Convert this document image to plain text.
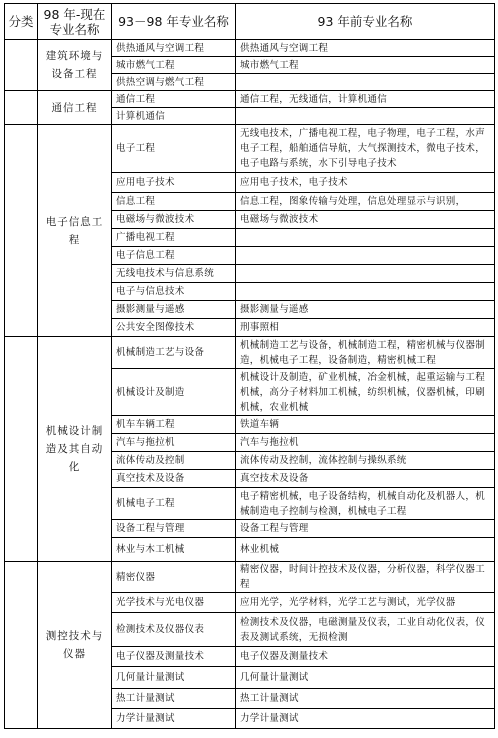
分类	98 年-现在专业名称	93－98 年专业名称	93 年前专业名称
	建筑环境与设备工程	供热通风与空调工程	供热通风与空调工程
		城市燃气工程	城市燃气工程
		供热空调与燃气工程	
	通信工程	通信工程	通信工程，无线通信，计算机通信
		计算机通信	
	电子信息工程	电子工程	无线电技术，广播电视工程，电子物理，电子工程，水声电子工程，船舶通信导航，大气探测技术，微电子技术，电子电路与系统，水下引导电子技术
		应用电子技术	应用电子技术，电子技术
		信息工程	信息工程，图象传输与处理，信息处理显示与识别，
		电磁场与微波技术	电磁场与微波技术
		广播电视工程	
		电子信息工程	
		无线电技术与信息系统	
		电子与信息技术	
		摄影测量与遥感	摄影测量与遥感
		公共安全图像技术	刑事照相
	机械设计制造及其自动化	机械制造工艺与设备	机械制造工艺与设备，机械制造工程，精密机械与仪器制造，机械电子工程，设备制造，精密机械工程
		机械设计及制造	机械设计及制造，矿业机械，冶金机械，起重运输与工程机械，高分子材料加工机械，纺织机械，仪器机械，印刷机械，农业机械
		机车车辆工程	铁道车辆
		汽车与拖拉机	汽车与拖拉机
		流体传动及控制	流体传动及控制，流体控制与操纵系统
		真空技术及设备	真空技术及设备
		机械电子工程	电子精密机械，电子设备结构，机械自动化及机器人，机械制造电子控制与检测，机械电子工程
		设备工程与管理	设备工程与管理
		林业与木工机械	林业机械
	测控技术与仪器	精密仪器	精密仪器，时间计控技术及仪器，分析仪器，科学仪器工程
		光学技术与光电仪器	应用光学，光学材料，光学工艺与测试，光学仪器
		检测技术及仪器仪表	检测技术及仪器，电磁测量及仪表，工业自动化仪表，仪表及测试系统，无损检测
		电子仪器及测量技术	电子仪器及测量技术
		几何量计量测试	几何量计量测试
		热工计量测试	热工计量测试
		力学计量测试	力学计量测试
